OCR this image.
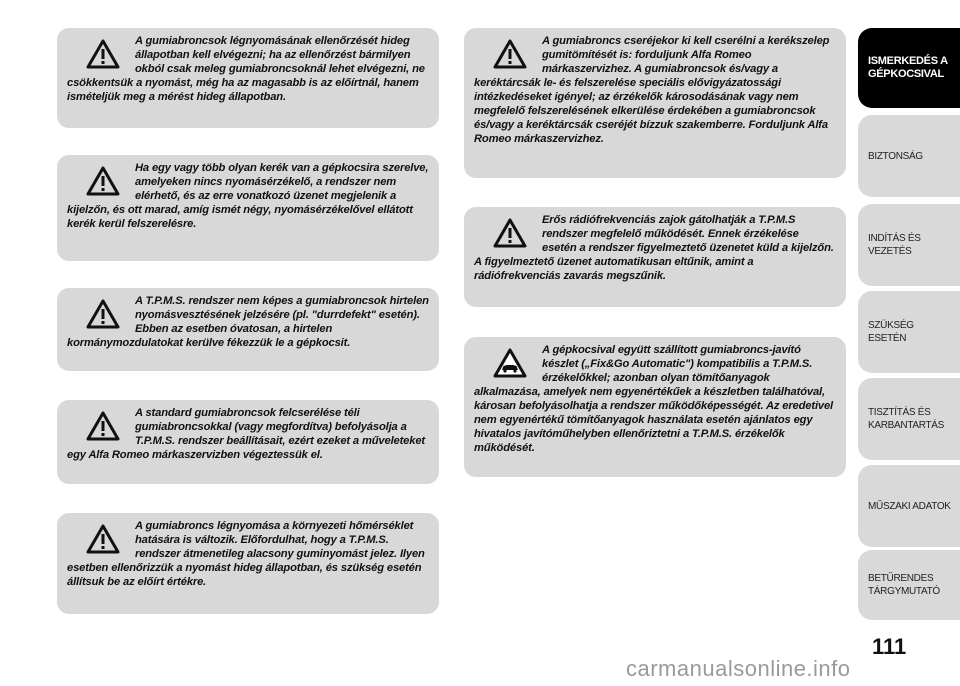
A gumiabroncsok légnyomásának ellenőrzését hideg állapotban kell elvégezni; ha az ellenőrzést bármilyen okból csak meleg gumiabroncsoknál lehet elvégezni, ne csökkentsük a nyomást, még ha az magasabb is az előírtnál, hanem ismételjük meg a mérést hideg állapotban.

Ha egy vagy több olyan kerék van a gépkocsira szerelve, amelyeken nincs nyomásérzékelő, a rendszer nem elérhető, és az erre vonatkozó üzenet megjelenik a kijelzőn, és ott marad, amíg ismét négy, nyomásérzékelővel ellátott kerék kerül felszerelésre.

A T.P.M.S. rendszer nem képes a gumiabroncsok hirtelen nyomásvesztésének jelzésére (pl. "durrdefekt" esetén). Ebben az esetben óvatosan, a hirtelen kormánymozdulatokat kerülve fékezzük le a gépkocsit.

A standard gumiabroncsok felcserélése téli gumiabroncsokkal (vagy megfordítva) befolyásolja a T.P.M.S. rendszer beállításait, ezért ezeket a műveleteket egy Alfa Romeo márkaszervizben végeztessük el.

A gumiabroncs légnyomása a környezeti hőmérséklet hatására is változik. Előfordulhat, hogy a T.P.M.S. rendszer átmenetileg alacsony guminyomást jelez. Ilyen esetben ellenőrizzük a nyomást hideg állapotban, és szükség esetén állítsuk be az előírt értékre.

A gumiabroncs cseréjekor ki kell cserélni a kerékszelep gumitömítését is: forduljunk Alfa Romeo márkaszervizhez. A gumiabroncsok és/vagy a keréktárcsák le- és felszerelése speciális elővigyázatossági intézkedéseket igényel; az érzékelők károsodásának vagy nem megfelelő felszerelésének elkerülése érdekében a gumiabroncsok és/vagy a keréktárcsák cseréjét bízzuk szakemberre. Forduljunk Alfa Romeo márkaszervizhez.

Erős rádiófrekvenciás zajok gátolhatják a T.P.M.S rendszer megfelelő működését. Ennek érzékelése esetén a rendszer figyelmeztető üzenetet küld a kijelzőn. A figyelmeztető üzenet automatikusan eltűnik, amint a rádiófrekvenciás zavarás megszűnik.

A gépkocsival együtt szállított gumiabroncs-javító készlet („Fix&Go Automatic") kompatibilis a T.P.M.S. érzékelőkkel; azonban olyan tömítőanyagok alkalmazása, amelyek nem egyenértékűek a készletben találhatóval, károsan befolyásolhatja a rendszer működőképességét. Az eredetivel nem egyenértékű tömítőanyagok használata esetén ajánlatos egy hivatalos javítóműhelyben ellenőriztetni a T.P.M.S. érzékelők működését.

ISMERKEDÉS A GÉPKOCSIVAL
BIZTONSÁG
INDÍTÁS ÉS VEZETÉS
SZÜKSÉG ESETÉN
TISZTÍTÁS ÉS KARBANTARTÁS
MŰSZAKI ADATOK
BETŰRENDES TÁRGYMUTATÓ
111
carmanualsonline.info
